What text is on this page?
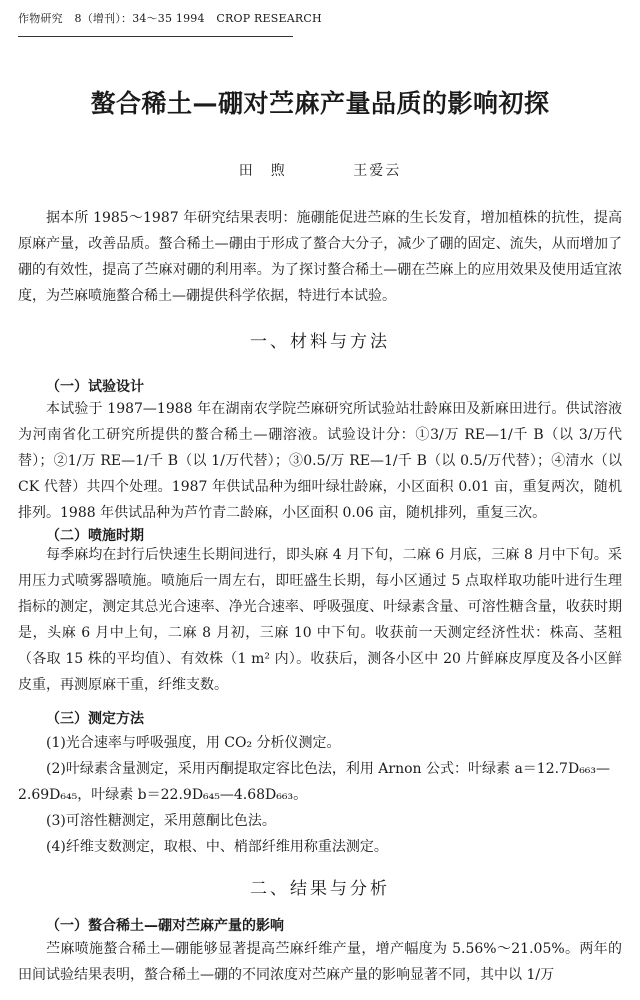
作物研究 8（增刊）：34～35 1994 CROP RESEARCH
螯合稀土—硼对苎麻产量品质的影响初探
田　煦	王爱云
据本所 1985～1987 年研究结果表明：施硼能促进苎麻的生长发育，增加植株的抗性，提高原麻产量，改善品质。螯合稀土—硼由于形成了螯合大分子，减少了硼的固定、流失，从而增加了硼的有效性，提高了苎麻对硼的利用率。为了探讨螯合稀土—硼在苎麻上的应用效果及使用适宜浓度，为苎麻喷施螯合稀土—硼提供科学依据，特进行本试验。
一、材料与方法
（一）试验设计
本试验于 1987—1988 年在湖南农学院苎麻研究所试验站壮龄麻田及新麻田进行。供试溶液为河南省化工研究所提供的螯合稀土—硼溶液。试验设计分：①3/万 RE—1/千 B（以 3/万代替）；②1/万 RE—1/千 B（以 1/万代替）；③0.5/万 RE—1/千 B（以 0.5/万代替）；④清水（以 CK 代替）共四个处理。1987 年供试品种为细叶绿壮龄麻，小区面积 0.01 亩，重复两次，随机排列。1988 年供试品种为芦竹青二龄麻，小区面积 0.06 亩，随机排列，重复三次。
（二）喷施时期
每季麻均在封行后快速生长期间进行，即头麻 4 月下旬，二麻 6 月底，三麻 8 月中下旬。采用压力式喷雾器喷施。喷施后一周左右，即旺盛生长期，每小区通过 5 点取样取功能叶进行生理指标的测定，测定其总光合速率、净光合速率、呼吸强度、叶绿素含量、可溶性糖含量，收获时期是，头麻 6 月中上旬，二麻 8 月初，三麻 10 中下旬。收获前一天测定经济性状：株高、茎粗（各取 15 株的平均值）、有效株（1 m² 内）。收获后，测各小区中 20 片鲜麻皮厚度及各小区鲜皮重，再测原麻干重，纤维支数。
（三）测定方法
(1)光合速率与呼吸强度，用 CO₂ 分析仪测定。
(2)叶绿素含量测定，采用丙酮提取定容比色法，利用 Arnon 公式：叶绿素 a＝12.7D₆₆₃—2.69D₆₄₅，叶绿素 b＝22.9D₆₄₅—4.68D₆₆₃。
(3)可溶性糖测定，采用蒽酮比色法。
(4)纤维支数测定，取根、中、梢部纤维用称重法测定。
二、结果与分析
（一）螯合稀土—硼对苎麻产量的影响
苎麻喷施螯合稀土—硼能够显著提高苎麻纤维产量，增产幅度为 5.56%～21.05%。两年的田间试验结果表明，螯合稀土—硼的不同浓度对苎麻产量的影响显著不同，其中以 1/万
